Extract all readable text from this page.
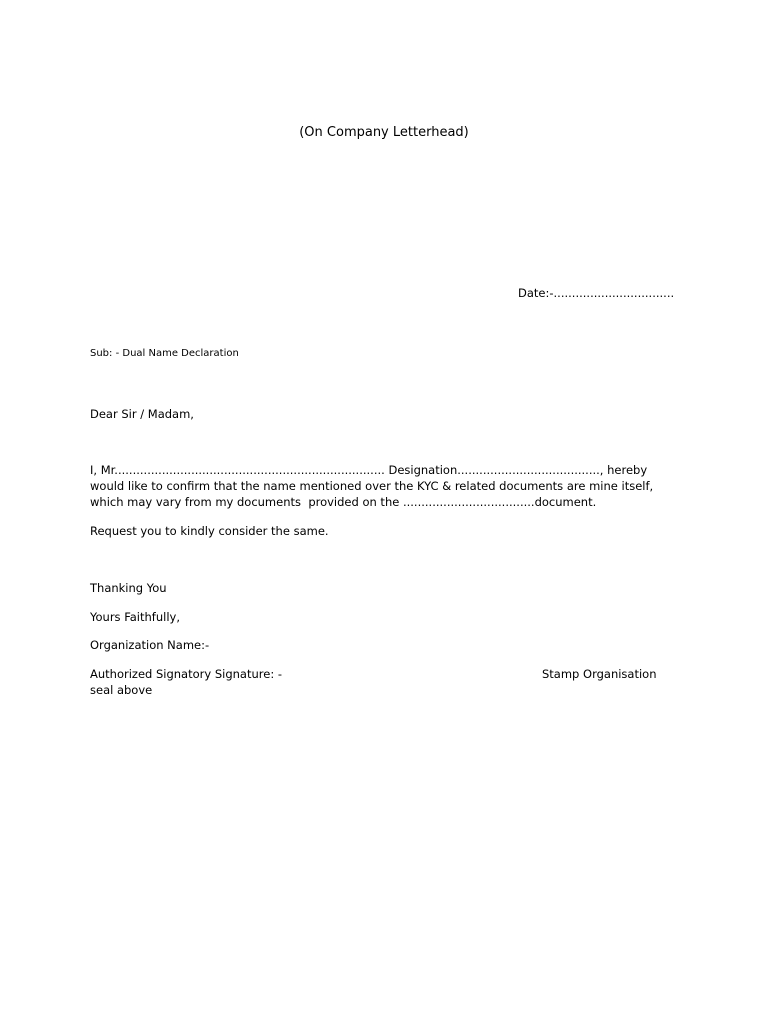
(On Company Letterhead)
Date:-.................................
Sub: - Dual Name Declaration
Dear Sir / Madam,
I, Mr.......................................................................... Designation......................................., hereby
would like to confirm that the name mentioned over the KYC & related documents are mine itself,
which may vary from my documents  provided on the ....................................document.
Request you to kindly consider the same.
Thanking You
Yours Faithfully,
Organization Name:-
Authorized Signatory Signature: -	Stamp Organisation
seal above
